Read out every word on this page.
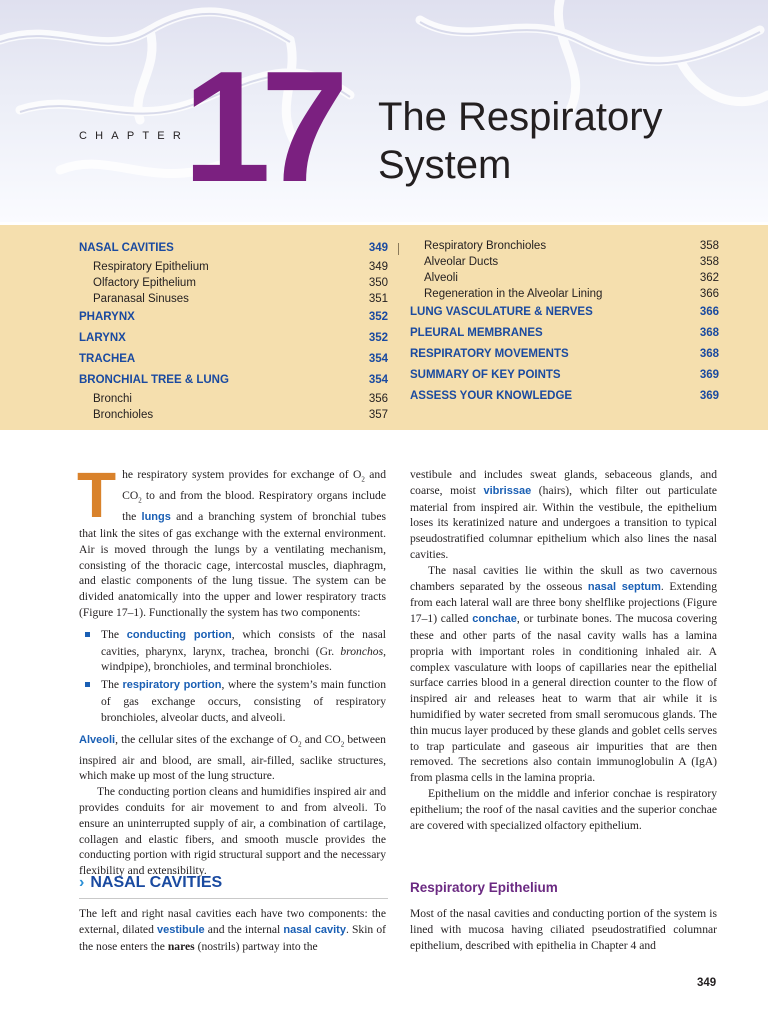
CHAPTER
17 The Respiratory
System
NASAL CAVITIES	349
Respiratory Epithelium	349
Olfactory Epithelium	350
Paranasal Sinuses	351
PHARYNX	352
LARYNX	352
TRACHEA	354
BRONCHIAL TREE & LUNG	354
Bronchi	356
Bronchioles	357
Respiratory Bronchioles	358
Alveolar Ducts	358
Alveoli	362
Regeneration in the Alveolar Lining	366
LUNG VASCULATURE & NERVES	366
PLEURAL MEMBRANES	368
RESPIRATORY MOVEMENTS	368
SUMMARY OF KEY POINTS	369
ASSESS YOUR KNOWLEDGE	369

The respiratory system provides for exchange of $O_2$ and $CO_2$ to and from the blood. Respiratory organs include the lungs and a branching system of bronchial tubes that link the sites of gas exchange with the external environment. Air is moved through the lungs by a ventilating mechanism, consisting of the thoracic cage, intercostal muscles, diaphragm, and elastic components of the lung tissue. The system can be divided anatomically into the upper and lower respiratory tracts (Figure 17–1). Functionally the system has two components:

The conducting portion, which consists of the nasal cavities, pharynx, larynx, trachea, bronchi (Gr. bronchos, windpipe), bronchioles, and terminal bronchioles.
The respiratory portion, where the system’s main function of gas exchange occurs, consisting of respiratory bronchioles, alveolar ducts, and alveoli.

Alveoli, the cellular sites of the exchange of $O_2$ and $CO_2$ between inspired air and blood, are small, air-filled, saclike structures, which make up most of the lung structure.

The conducting portion cleans and humidifies inspired air and provides conduits for air movement to and from alveoli. To ensure an uninterrupted supply of air, a combination of cartilage, collagen and elastic fibers, and smooth muscle provides the conducting portion with rigid structural support and the necessary flexibility and extensibility.

› NASAL CAVITIES
The left and right nasal cavities each have two components: the external, dilated vestibule and the internal nasal cavity. Skin of the nose enters the nares (nostrils) partway into the

vestibule and includes sweat glands, sebaceous glands, and coarse, moist vibrissae (hairs), which filter out particulate material from inspired air. Within the vestibule, the epithelium loses its keratinized nature and undergoes a transition to typical pseudostratified columnar epithelium which also lines the nasal cavities.

The nasal cavities lie within the skull as two cavernous chambers separated by the osseous nasal septum. Extending from each lateral wall are three bony shelflike projections (Figure 17–1) called conchae, or turbinate bones. The mucosa covering these and other parts of the nasal cavity walls has a lamina propria with important roles in conditioning inhaled air. A complex vasculature with loops of capillaries near the epithelial surface carries blood in a general direction counter to the flow of inspired air and releases heat to warm that air while it is humidified by water secreted from small seromucous glands. The thin mucus layer produced by these glands and goblet cells serves to trap particulate and gaseous air impurities that are then removed. The secretions also contain immunoglobulin A (IgA) from plasma cells in the lamina propria.

Epithelium on the middle and inferior conchae is respiratory epithelium; the roof of the nasal cavities and the superior conchae are covered with specialized olfactory epithelium.

Respiratory Epithelium
Most of the nasal cavities and conducting portion of the system is lined with mucosa having ciliated pseudostratified columnar epithelium, described with epithelia in Chapter 4 and
349
